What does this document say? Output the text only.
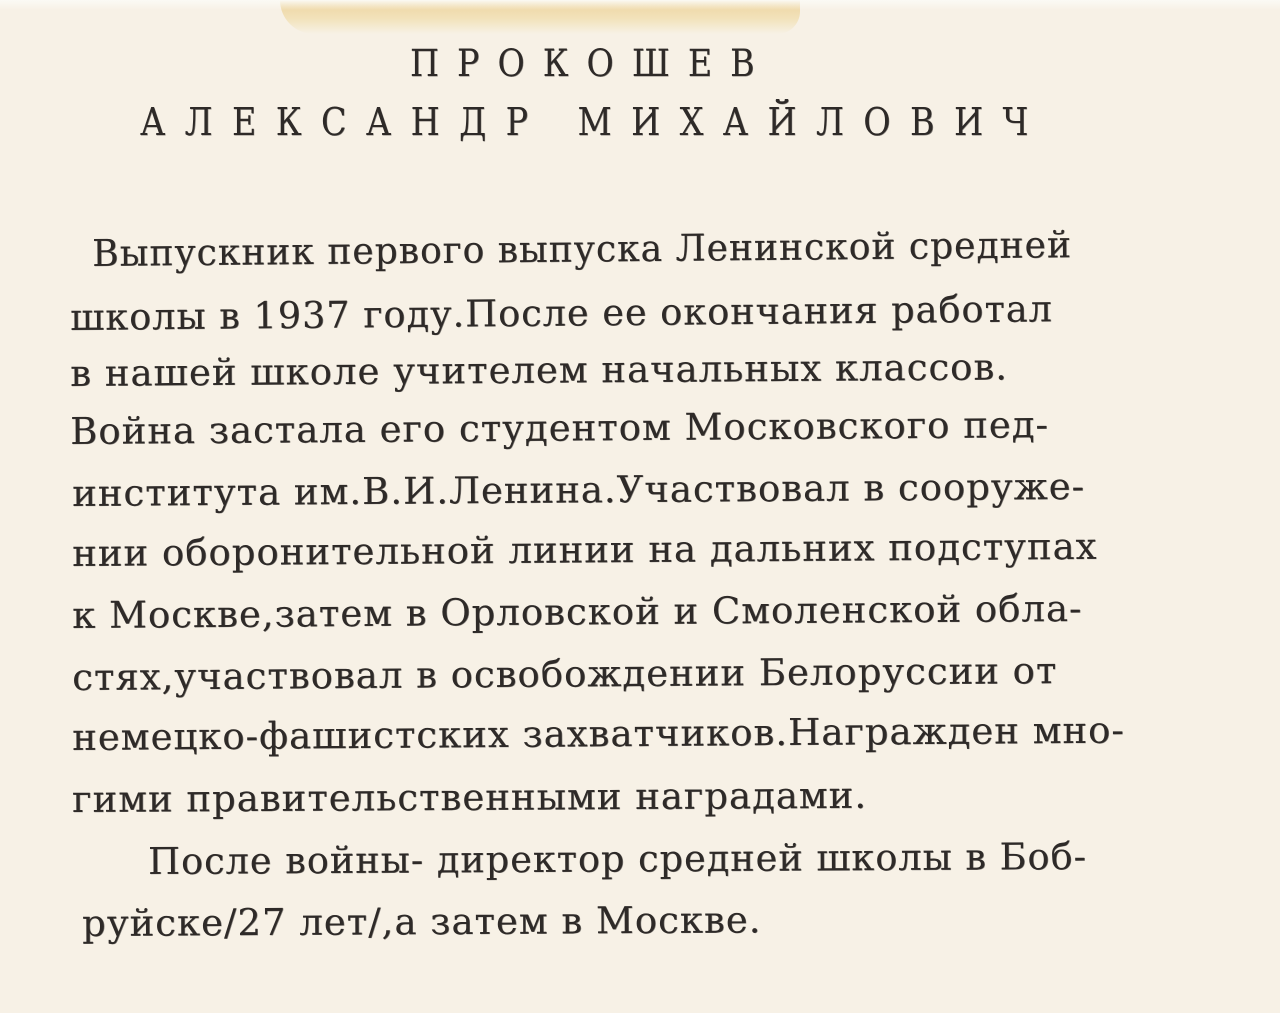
ПРОКОШЕВ
АЛЕКСАНДР МИХАЙЛОВИЧ
Выпускник первого выпуска Ленинской средней
школы в 1937 году.После ее окончания работал
в нашей школе учителем начальных классов.
Война застала его студентом Московского пед-
института им.В.И.Ленина.Участвовал в сооруже-
нии оборонительной линии на дальних подступах
к Москве,затем в Орловской и Смоленской обла-
стях,участвовал в освобождении Белоруссии от
немецко-фашистских захватчиков.Награжден мно-
гими правительственными наградами.
После войны- директор средней школы в Боб-
руйске/27 лет/,а затем в Москве.
